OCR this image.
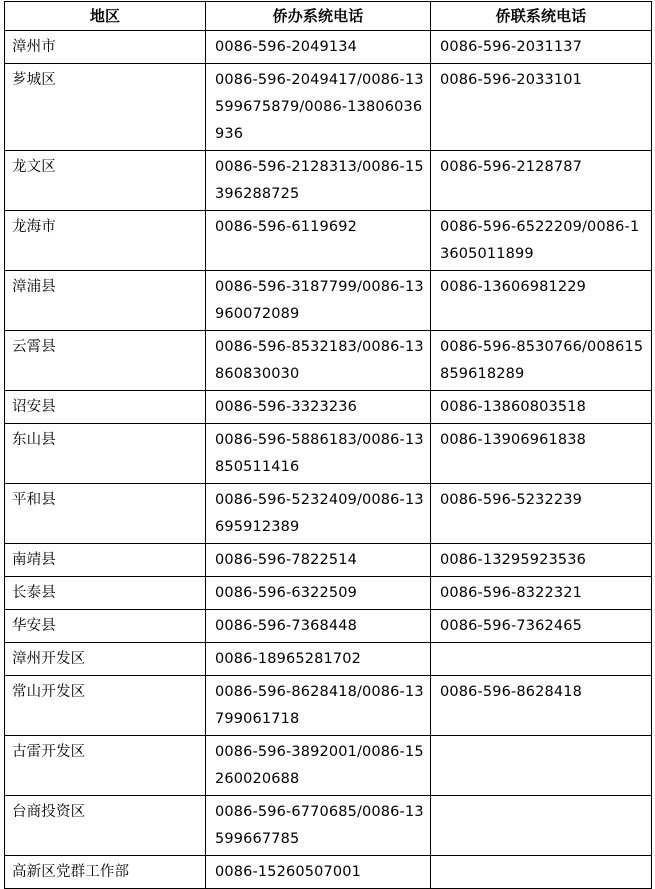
地区	侨办系统电话	侨联系统电话
漳州市	0086-596-2049134	0086-596-2031137
芗城区	0086-596-2049417/0086-13599675879/0086-13806036936	0086-596-2033101
龙文区	0086-596-2128313/0086-15396288725	0086-596-2128787
龙海市	0086-596-6119692	0086-596-6522209/0086-13605011899
漳浦县	0086-596-3187799/0086-13960072089	0086-13606981229
云霄县	0086-596-8532183/0086-13860830030	0086-596-8530766/008615859618289
诏安县	0086-596-3323236	0086-13860803518
东山县	0086-596-5886183/0086-13850511416	0086-13906961838
平和县	0086-596-5232409/0086-13695912389	0086-596-5232239
南靖县	0086-596-7822514	0086-13295923536
长泰县	0086-596-6322509	0086-596-8322321
华安县	0086-596-7368448	0086-596-7362465
漳州开发区	0086-18965281702	
常山开发区	0086-596-8628418/0086-13799061718	0086-596-8628418
古雷开发区	0086-596-3892001/0086-15260020688	
台商投资区	0086-596-6770685/0086-13599667785	
高新区党群工作部	0086-15260507001	
